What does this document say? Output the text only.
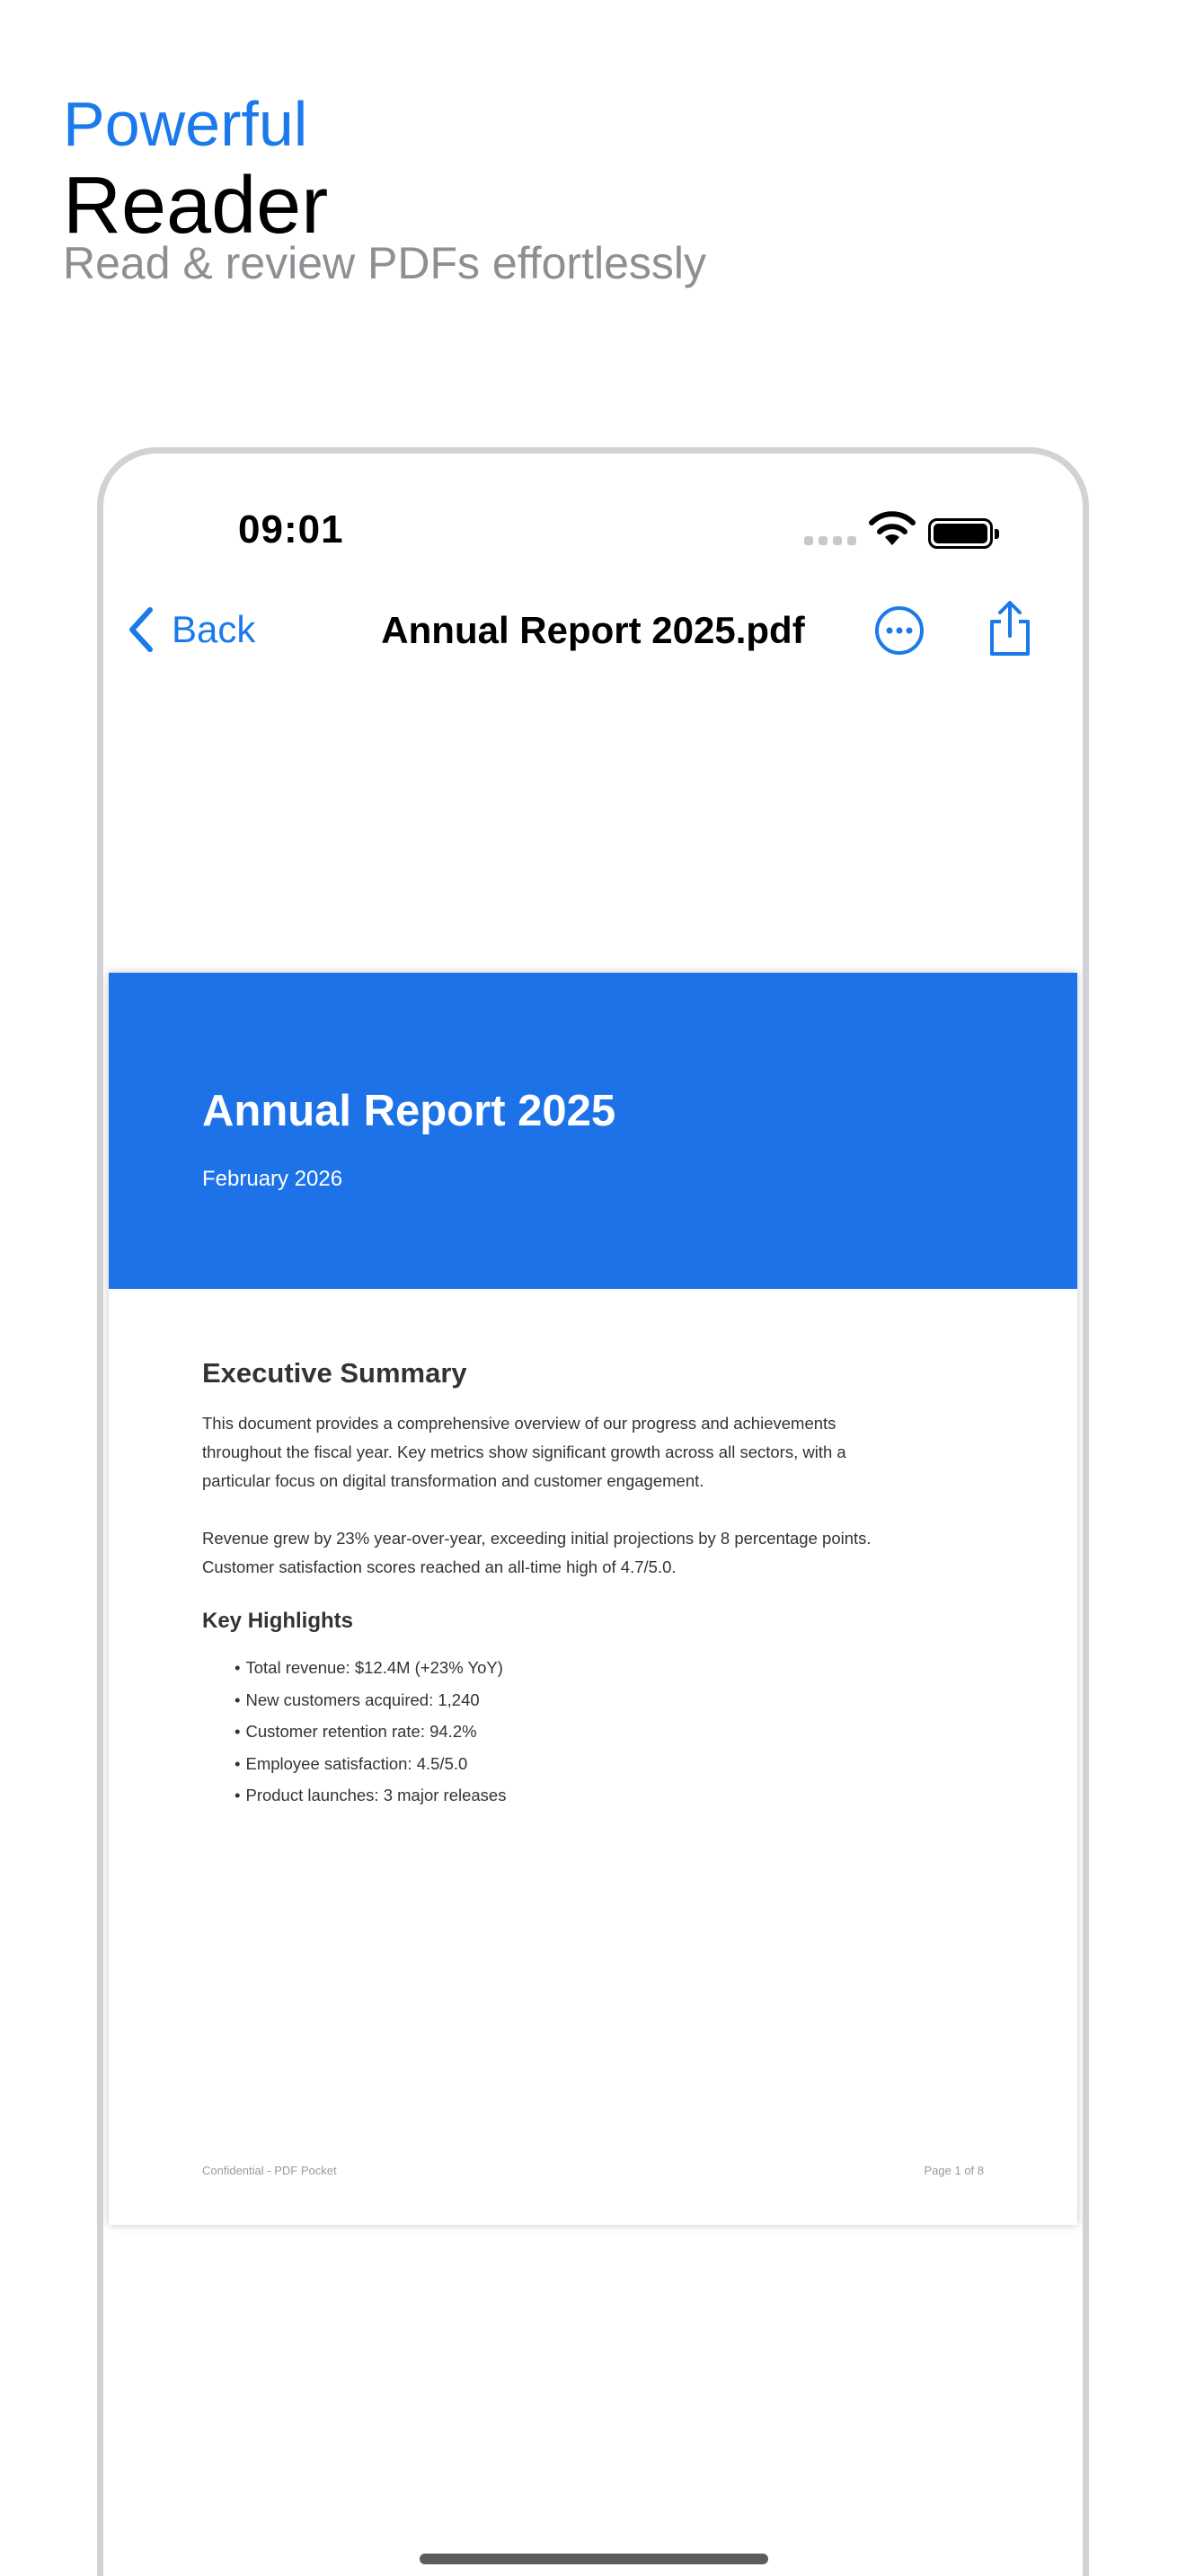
Powerful
Reader
Read & review PDFs effortlessly
09:01
Back	Annual Report 2025.pdf
Annual Report 2025
February 2026
Executive Summary

This document provides a comprehensive overview of our progress and achievements throughout the fiscal year. Key metrics show significant growth across all sectors, with a particular focus on digital transformation and customer engagement.

Revenue grew by 23% year-over-year, exceeding initial projections by 8 percentage points. Customer satisfaction scores reached an all-time high of 4.7/5.0.

Key Highlights
• Total revenue: $12.4M (+23% YoY)
• New customers acquired: 1,240
• Customer retention rate: 94.2%
• Employee satisfaction: 4.5/5.0
• Product launches: 3 major releases
Confidential - PDF Pocket	Page 1 of 8
